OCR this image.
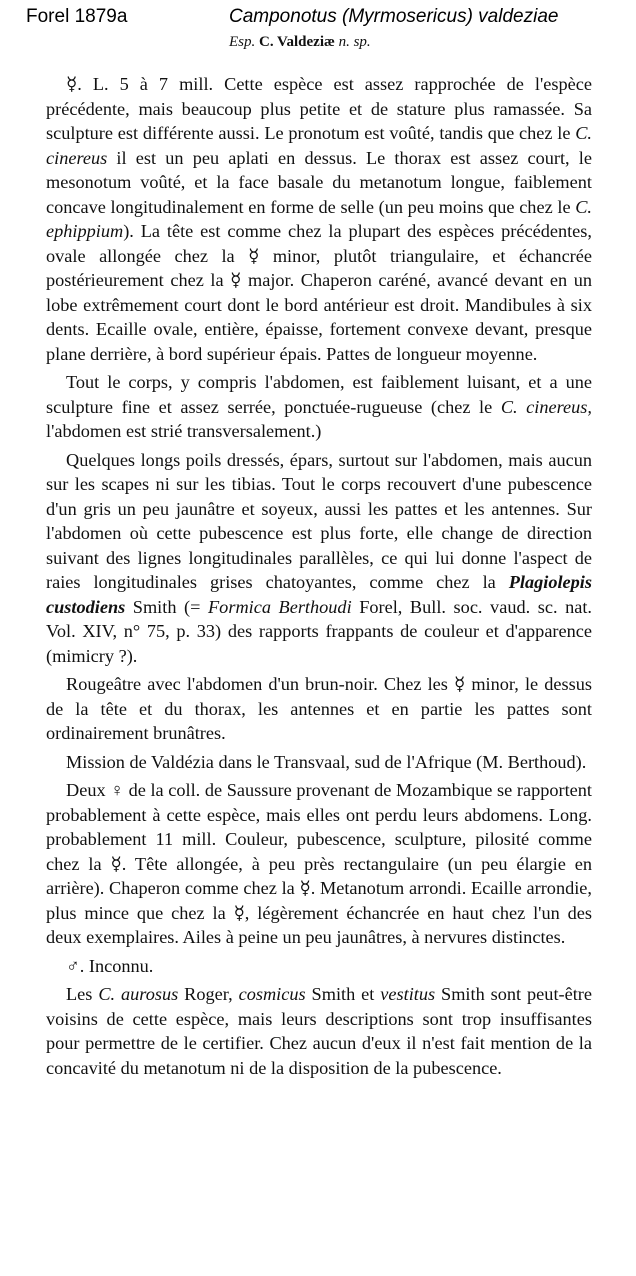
Forel 1879a	Camponotus (Myrmosericus) valdeziae
Esp. C. Valdeziæ n. sp.

☿. L. 5 à 7 mill. Cette espèce est assez rapprochée de l'espèce précédente, mais beaucoup plus petite et de stature plus ramassée. Sa sculpture est différente aussi. Le pronotum est voûté, tandis que chez le C. cinereus il est un peu aplati en dessus. Le thorax est assez court, le mesonotum voûté, et la face basale du metanotum longue, faiblement concave longitudinalement en forme de selle (un peu moins que chez le C. ephippium). La tête est comme chez la plupart des espèces précédentes, ovale allongée chez la ☿ minor, plutôt triangulaire, et échancrée postérieurement chez la ☿ major. Chaperon caréné, avancé devant en un lobe extrêmement court dont le bord antérieur est droit. Mandibules à six dents. Ecaille ovale, entière, épaisse, fortement convexe devant, presque plane derrière, à bord supérieur épais. Pattes de longueur moyenne.

Tout le corps, y compris l'abdomen, est faiblement luisant, et a une sculpture fine et assez serrée, ponctuée-rugueuse (chez le C. cinereus, l'abdomen est strié transversalement.)

Quelques longs poils dressés, épars, surtout sur l'abdomen, mais aucun sur les scapes ni sur les tibias. Tout le corps recouvert d'une pubescence d'un gris un peu jaunâtre et soyeux, aussi les pattes et les antennes. Sur l'abdomen où cette pubescence est plus forte, elle change de direction suivant des lignes longitudinales parallèles, ce qui lui donne l'aspect de raies longitudinales grises chatoyantes, comme chez la Plagiolepis custodiens Smith (= Formica Berthoudi Forel, Bull. soc. vaud. sc. nat. Vol. XIV, n° 75, p. 33) des rapports frappants de couleur et d'apparence (mimicry ?).

Rougeâtre avec l'abdomen d'un brun-noir. Chez les ☿ minor, le dessus de la tête et du thorax, les antennes et en partie les pattes sont ordinairement brunâtres.

Mission de Valdézia dans le Transvaal, sud de l'Afrique (M. Berthoud).

Deux ♀ de la coll. de Saussure provenant de Mozambique se rapportent probablement à cette espèce, mais elles ont perdu leurs abdomens. Long. probablement 11 mill. Couleur, pubescence, sculpture, pilosité comme chez la ☿. Tête allongée, à peu près rectangulaire (un peu élargie en arrière). Chaperon comme chez la ☿. Metanotum arrondi. Ecaille arrondie, plus mince que chez la ☿, légèrement échancrée en haut chez l'un des deux exemplaires. Ailes à peine un peu jaunâtres, à nervures distinctes.

♂. Inconnu.

Les C. aurosus Roger, cosmicus Smith et vestitus Smith sont peut-être voisins de cette espèce, mais leurs descriptions sont trop insuffisantes pour permettre de le certifier. Chez aucun d'eux il n'est fait mention de la concavité du metanotum ni de la disposition de la pubescence.
